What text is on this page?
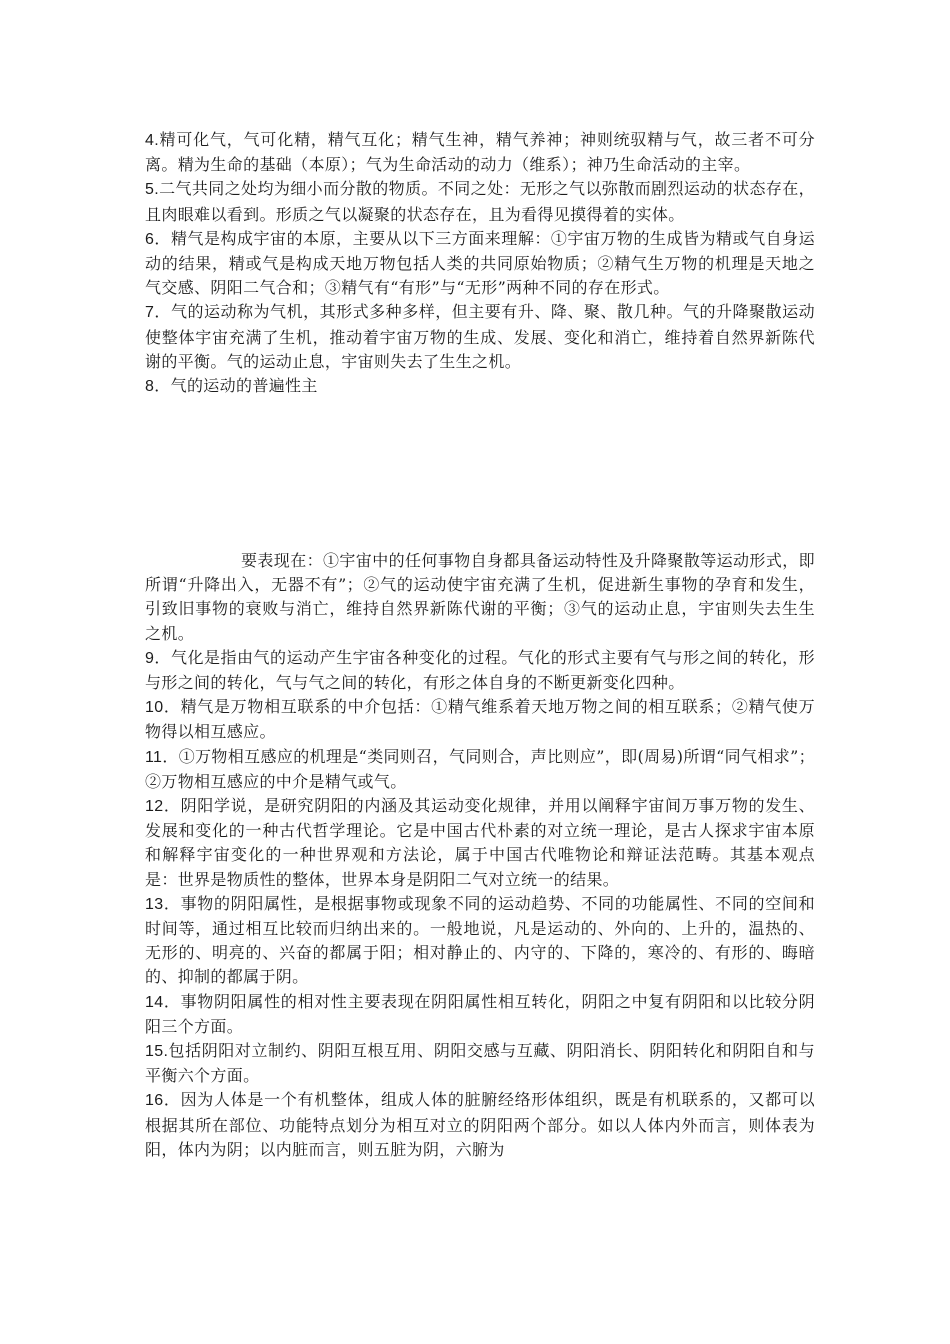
4.精可化气，气可化精，精气互化；精气生神，精气养神；神则统驭精与气，故三者不可分离。精为生命的基础（本原）；气为生命活动的动力（维系）；神乃生命活动的主宰。

5.二气共同之处均为细小而分散的物质。不同之处：无形之气以弥散而剧烈运动的状态存在，且肉眼难以看到。形质之气以凝聚的状态存在，且为看得见摸得着的实体。

6．精气是构成宇宙的本原，主要从以下三方面来理解：①宇宙万物的生成皆为精或气自身运动的结果，精或气是构成天地万物包括人类的共同原始物质；②精气生万物的机理是天地之气交感、阴阳二气合和；③精气有“有形”与“无形”两种不同的存在形式。

7．气的运动称为气机，其形式多种多样，但主要有升、降、聚、散几种。气的升降聚散运动使整体宇宙充满了生机，推动着宇宙万物的生成、发展、变化和消亡，维持着自然界新陈代谢的平衡。气的运动止息，宇宙则失去了生生之机。

8．气的运动的普遍性主

要表现在：①宇宙中的任何事物自身都具备运动特性及升降聚散等运动形式，即所谓“升降出入，无器不有”；②气的运动使宇宙充满了生机，促进新生事物的孕育和发生，引致旧事物的衰败与消亡，维持自然界新陈代谢的平衡；③气的运动止息，宇宙则失去生生之机。

9．气化是指由气的运动产生宇宙各种变化的过程。气化的形式主要有气与形之间的转化，形与形之间的转化，气与气之间的转化，有形之体自身的不断更新变化四种。

10．精气是万物相互联系的中介包括：①精气维系着天地万物之间的相互联系；②精气使万物得以相互感应。

11．①万物相互感应的机理是“类同则召，气同则合，声比则应”，即(周易)所谓“同气相求”；②万物相互感应的中介是精气或气。

12．阴阳学说，是研究阴阳的内涵及其运动变化规律，并用以阐释宇宙间万事万物的发生、发展和变化的一种古代哲学理论。它是中国古代朴素的对立统一理论，是古人探求宇宙本原和解释宇宙变化的一种世界观和方法论，属于中国古代唯物论和辩证法范畴。其基本观点是：世界是物质性的整体，世界本身是阴阳二气对立统一的结果。

13．事物的阴阳属性，是根据事物或现象不同的运动趋势、不同的功能属性、不同的空间和时间等，通过相互比较而归纳出来的。一般地说，凡是运动的、外向的、上升的，温热的、无形的、明亮的、兴奋的都属于阳；相对静止的、内守的、下降的，寒冷的、有形的、晦暗的、抑制的都属于阴。

14．事物阴阳属性的相对性主要表现在阴阳属性相互转化，阴阳之中复有阴阳和以比较分阴阳三个方面。

15.包括阴阳对立制约、阴阳互根互用、阴阳交感与互藏、阴阳消长、阴阳转化和阴阳自和与平衡六个方面。

16．因为人体是一个有机整体，组成人体的脏腑经络形体组织，既是有机联系的，又都可以根据其所在部位、功能特点划分为相互对立的阴阳两个部分。如以人体内外而言，则体表为阳，体内为阴；以内脏而言，则五脏为阴，六腑为
